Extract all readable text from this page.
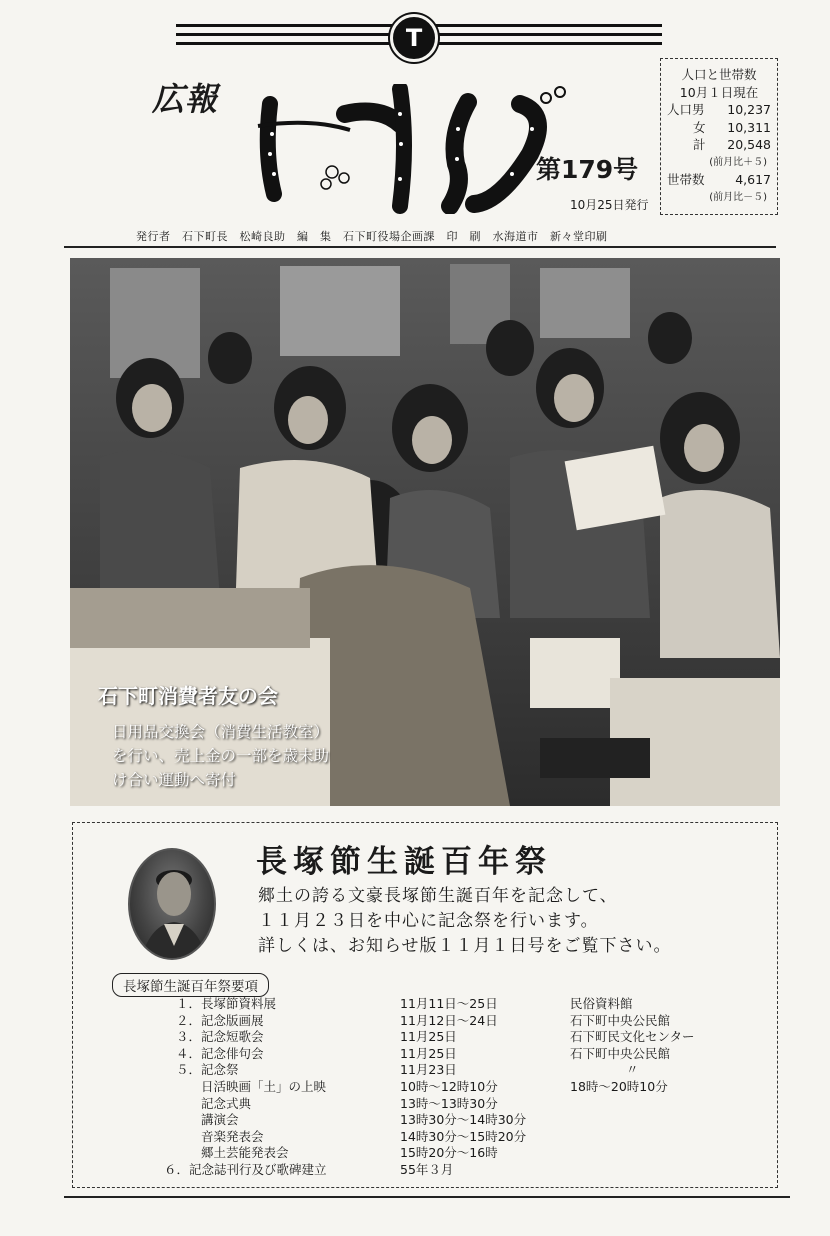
T
広報
第179号
10月25日発行
人口と世帯数
10月１日現在
人口男 10,237
女 10,311
計 20,548
(前月比＋５)
世帯数 4,617
(前月比－５)
発行者　石下町長　松崎良助　編　集　石下町役場企画課　印　刷　水海道市　新々堂印刷
石下町消費者友の会
日用品交換会（消費生活教室）
を行い、売上金の一部を歳末助
け合い運動へ寄付
長塚節生誕百年祭
郷土の誇る文豪長塚節生誕百年を記念して、
１１月２３日を中心に記念祭を行います。
詳しくは、お知らせ版１１月１日号をご覧下さい。
長塚節生誕百年祭要項
１．長塚節資料展	11月11日～25日	民俗資料館
２．記念版画展	11月12日～24日	石下町中央公民館
３．記念短歌会	11月25日	石下町民文化センター
４．記念俳句会	11月25日	石下町中央公民館
５．記念祭	11月23日	〃
　　日活映画「土」の上映	10時～12時10分	18時～20時10分
　　記念式典	13時～13時30分
　　講演会	13時30分～14時30分
　　音楽発表会	14時30分～15時20分
　　郷土芸能発表会	15時20分～16時
６．記念誌刊行及び歌碑建立	55年３月
